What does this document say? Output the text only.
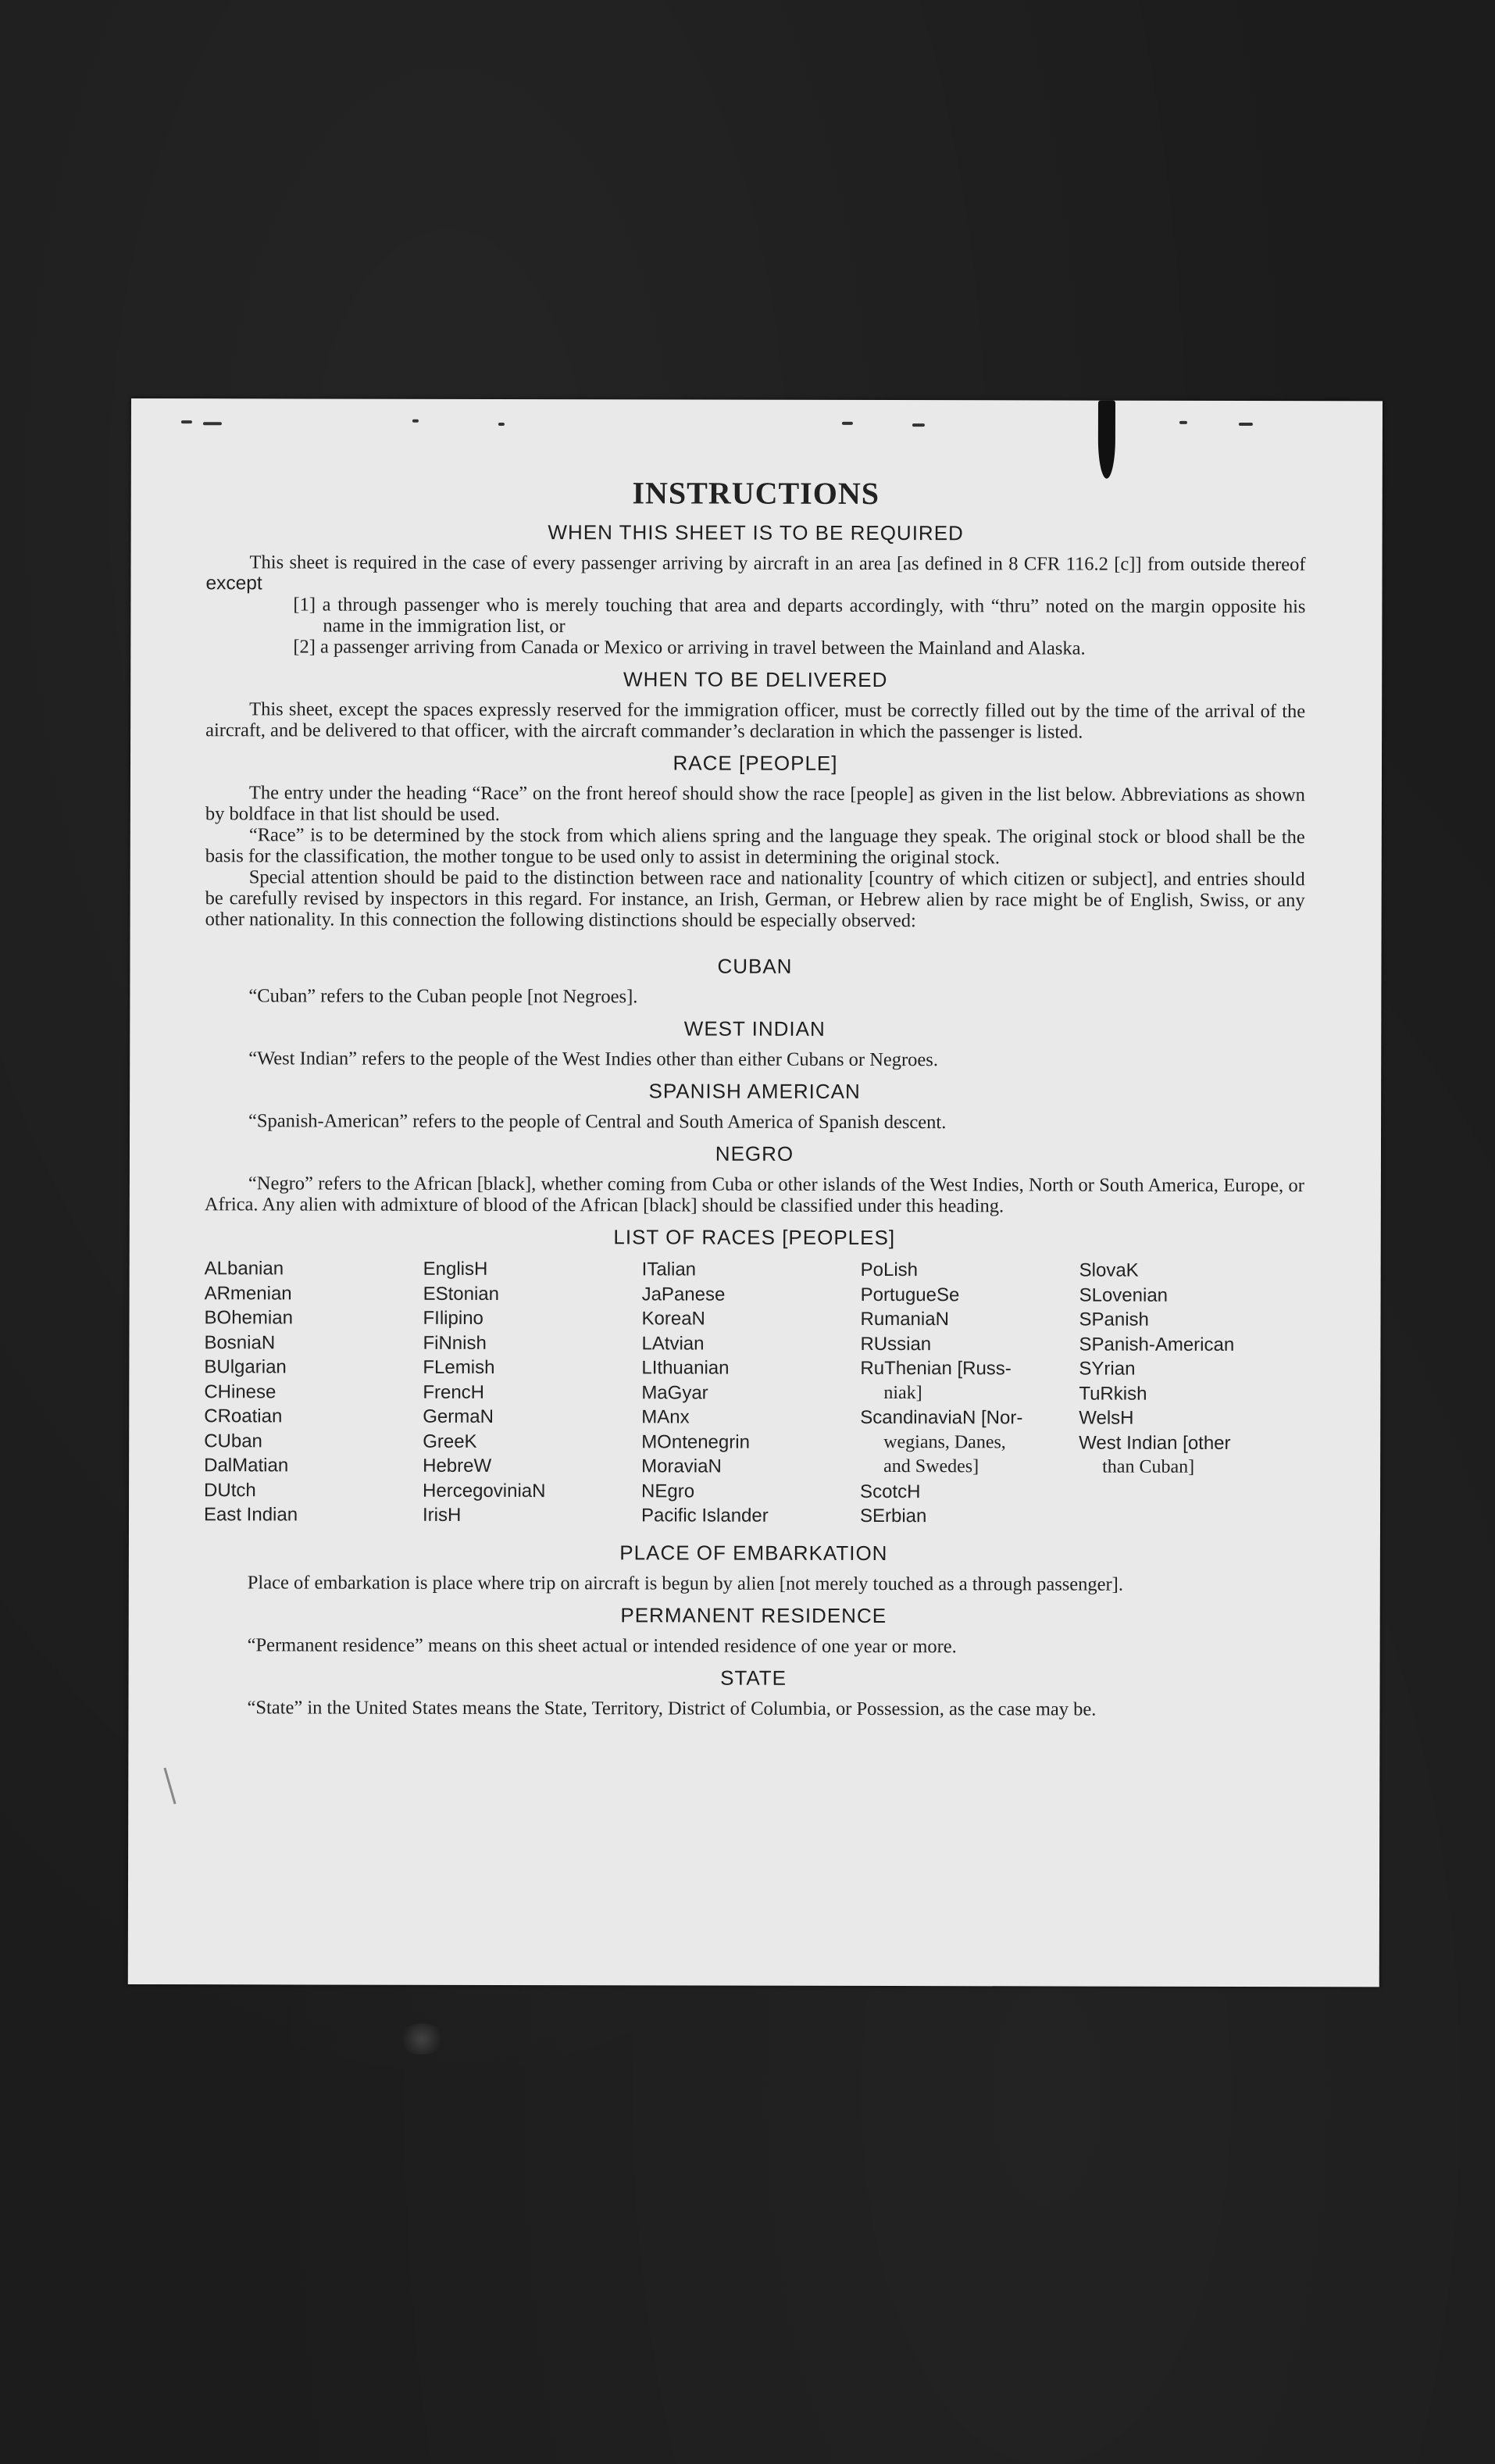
INSTRUCTIONS
WHEN THIS SHEET IS TO BE REQUIRED

This sheet is required in the case of every passenger arriving by aircraft in an area [as defined in 8 CFR 116.2 [c]] from outside thereof except

[1] a through passenger who is merely touching that area and departs accordingly, with “thru” noted on the margin opposite his name in the immigration list, or

[2] a passenger arriving from Canada or Mexico or arriving in travel between the Mainland and Alaska.

WHEN TO BE DELIVERED

This sheet, except the spaces expressly reserved for the immigration officer, must be correctly filled out by the time of the arrival of the aircraft, and be delivered to that officer, with the aircraft commander’s declaration in which the passenger is listed.

RACE [PEOPLE]

The entry under the heading “Race” on the front hereof should show the race [people] as given in the list below. Abbreviations as shown by boldface in that list should be used.

“Race” is to be determined by the stock from which aliens spring and the language they speak. The original stock or blood shall be the basis for the classification, the mother tongue to be used only to assist in determining the original stock.

Special attention should be paid to the distinction between race and nationality [country of which citizen or subject], and entries should be carefully revised by inspectors in this regard. For instance, an Irish, German, or Hebrew alien by race might be of English, Swiss, or any other nationality. In this connection the following distinctions should be especially observed:

CUBAN

“Cuban” refers to the Cuban people [not Negroes].

WEST INDIAN

“West Indian” refers to the people of the West Indies other than either Cubans or Negroes.

SPANISH AMERICAN

“Spanish-American” refers to the people of Central and South America of Spanish descent.

NEGRO

“Negro” refers to the African [black], whether coming from Cuba or other islands of the West Indies, North or South America, Europe, or Africa. Any alien with admixture of blood of the African [black] should be classified under this heading.

LIST OF RACES [PEOPLES]
ALbanian
ARmenian
BOhemian
BosniaN
BUlgarian
CHinese
CRoatian
CUban
DalMatian
DUtch
East Indian
EnglisH
EStonian
FIlipino
FiNnish
FLemish
FrencH
GermaN
GreeK
HebreW
HercegoviniaN
IrisH
ITalian
JaPanese
KoreaN
LAtvian
LIthuanian
MaGyar
MAnx
MOntenegrin
MoraviaN
NEgro
Pacific Islander
PoLish
PortugueSe
RumaniaN
RUssian
RuThenian [Russ-
niak]
ScandinaviaN [Nor-
wegians, Danes,
and Swedes]
ScotcH
SErbian
SlovaK
SLovenian
SPanish
SPanish-American
SYrian
TuRkish
WelsH
West Indian [other
than Cuban]
PLACE OF EMBARKATION

Place of embarkation is place where trip on aircraft is begun by alien [not merely touched as a through passenger].

PERMANENT RESIDENCE

“Permanent residence” means on this sheet actual or intended residence of one year or more.

STATE

“State” in the United States means the State, Territory, District of Columbia, or Possession, as the case may be.
